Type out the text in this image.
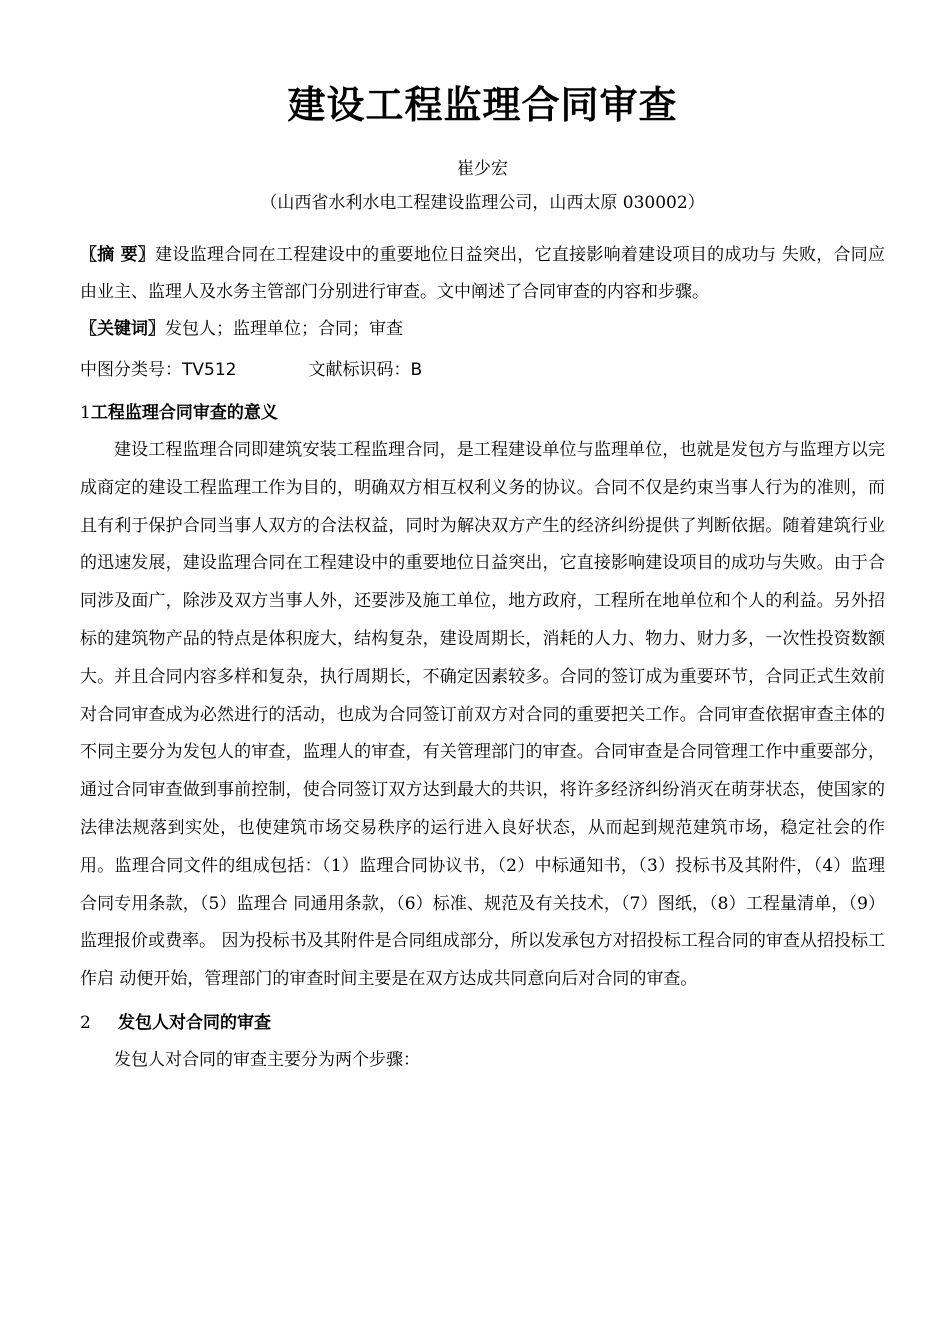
建设工程监理合同审查
崔少宏
（山西省水利水电工程建设监理公司，山西太原 030002）
〖摘 要〗建设监理合同在工程建设中的重要地位日益突出，它直接影响着建设项目的成功与 失败，合同应由业主、监理人及水务主管部门分别进行审查。文中阐述了合同审查的内容和步骤。
〖关键词〗发包人；监理单位；合同；审查
中图分类号：TV512	文献标识码：B
1工程监理合同审查的意义

建设工程监理合同即建筑安装工程监理合同，是工程建设单位与监理单位，也就是发包方与监理方以完成商定的建设工程监理工作为目的，明确双方相互权利义务的协议。合同不仅是约束当事人行为的准则，而且有利于保护合同当事人双方的合法权益，同时为解决双方产生的经济纠纷提供了判断依据。随着建筑行业的迅速发展，建设监理合同在工程建设中的重要地位日益突出，它直接影响建设项目的成功与失败。由于合同涉及面广，除涉及双方当事人外，还要涉及施工单位，地方政府，工程所在地单位和个人的利益。另外招标的建筑物产品的特点是体积庞大，结构复杂，建设周期长，消耗的人力、物力、财力多，一次性投资数额大。并且合同内容多样和复杂，执行周期长，不确定因素较多。合同的签订成为重要环节，合同正式生效前对合同审查成为必然进行的活动，也成为合同签订前双方对合同的重要把关工作。合同审查依据审查主体的不同主要分为发包人的审查，监理人的审查，有关管理部门的审查。合同审查是合同管理工作中重要部分，通过合同审查做到事前控制，使合同签订双方达到最大的共识，将许多经济纠纷消灭在萌芽状态，使国家的法律法规落到实处，也使建筑市场交易秩序的运行进入良好状态，从而起到规范建筑市场，稳定社会的作用。监理合同文件的组成包括：（1）监理合同协议书，（2）中标通知书，（3）投标书及其附件，（4）监理合同专用条款，（5）监理合 同通用条款，（6）标准、规范及有关技术，（7）图纸，（8）工程量清单，（9）监理报价或费率。 因为投标书及其附件是合同组成部分，所以发承包方对招投标工程合同的审查从招投标工作启 动便开始，管理部门的审查时间主要是在双方达成共同意向后对合同的审查。

2 发包人对合同的审查

发包人对合同的审查主要分为两个步骤：
